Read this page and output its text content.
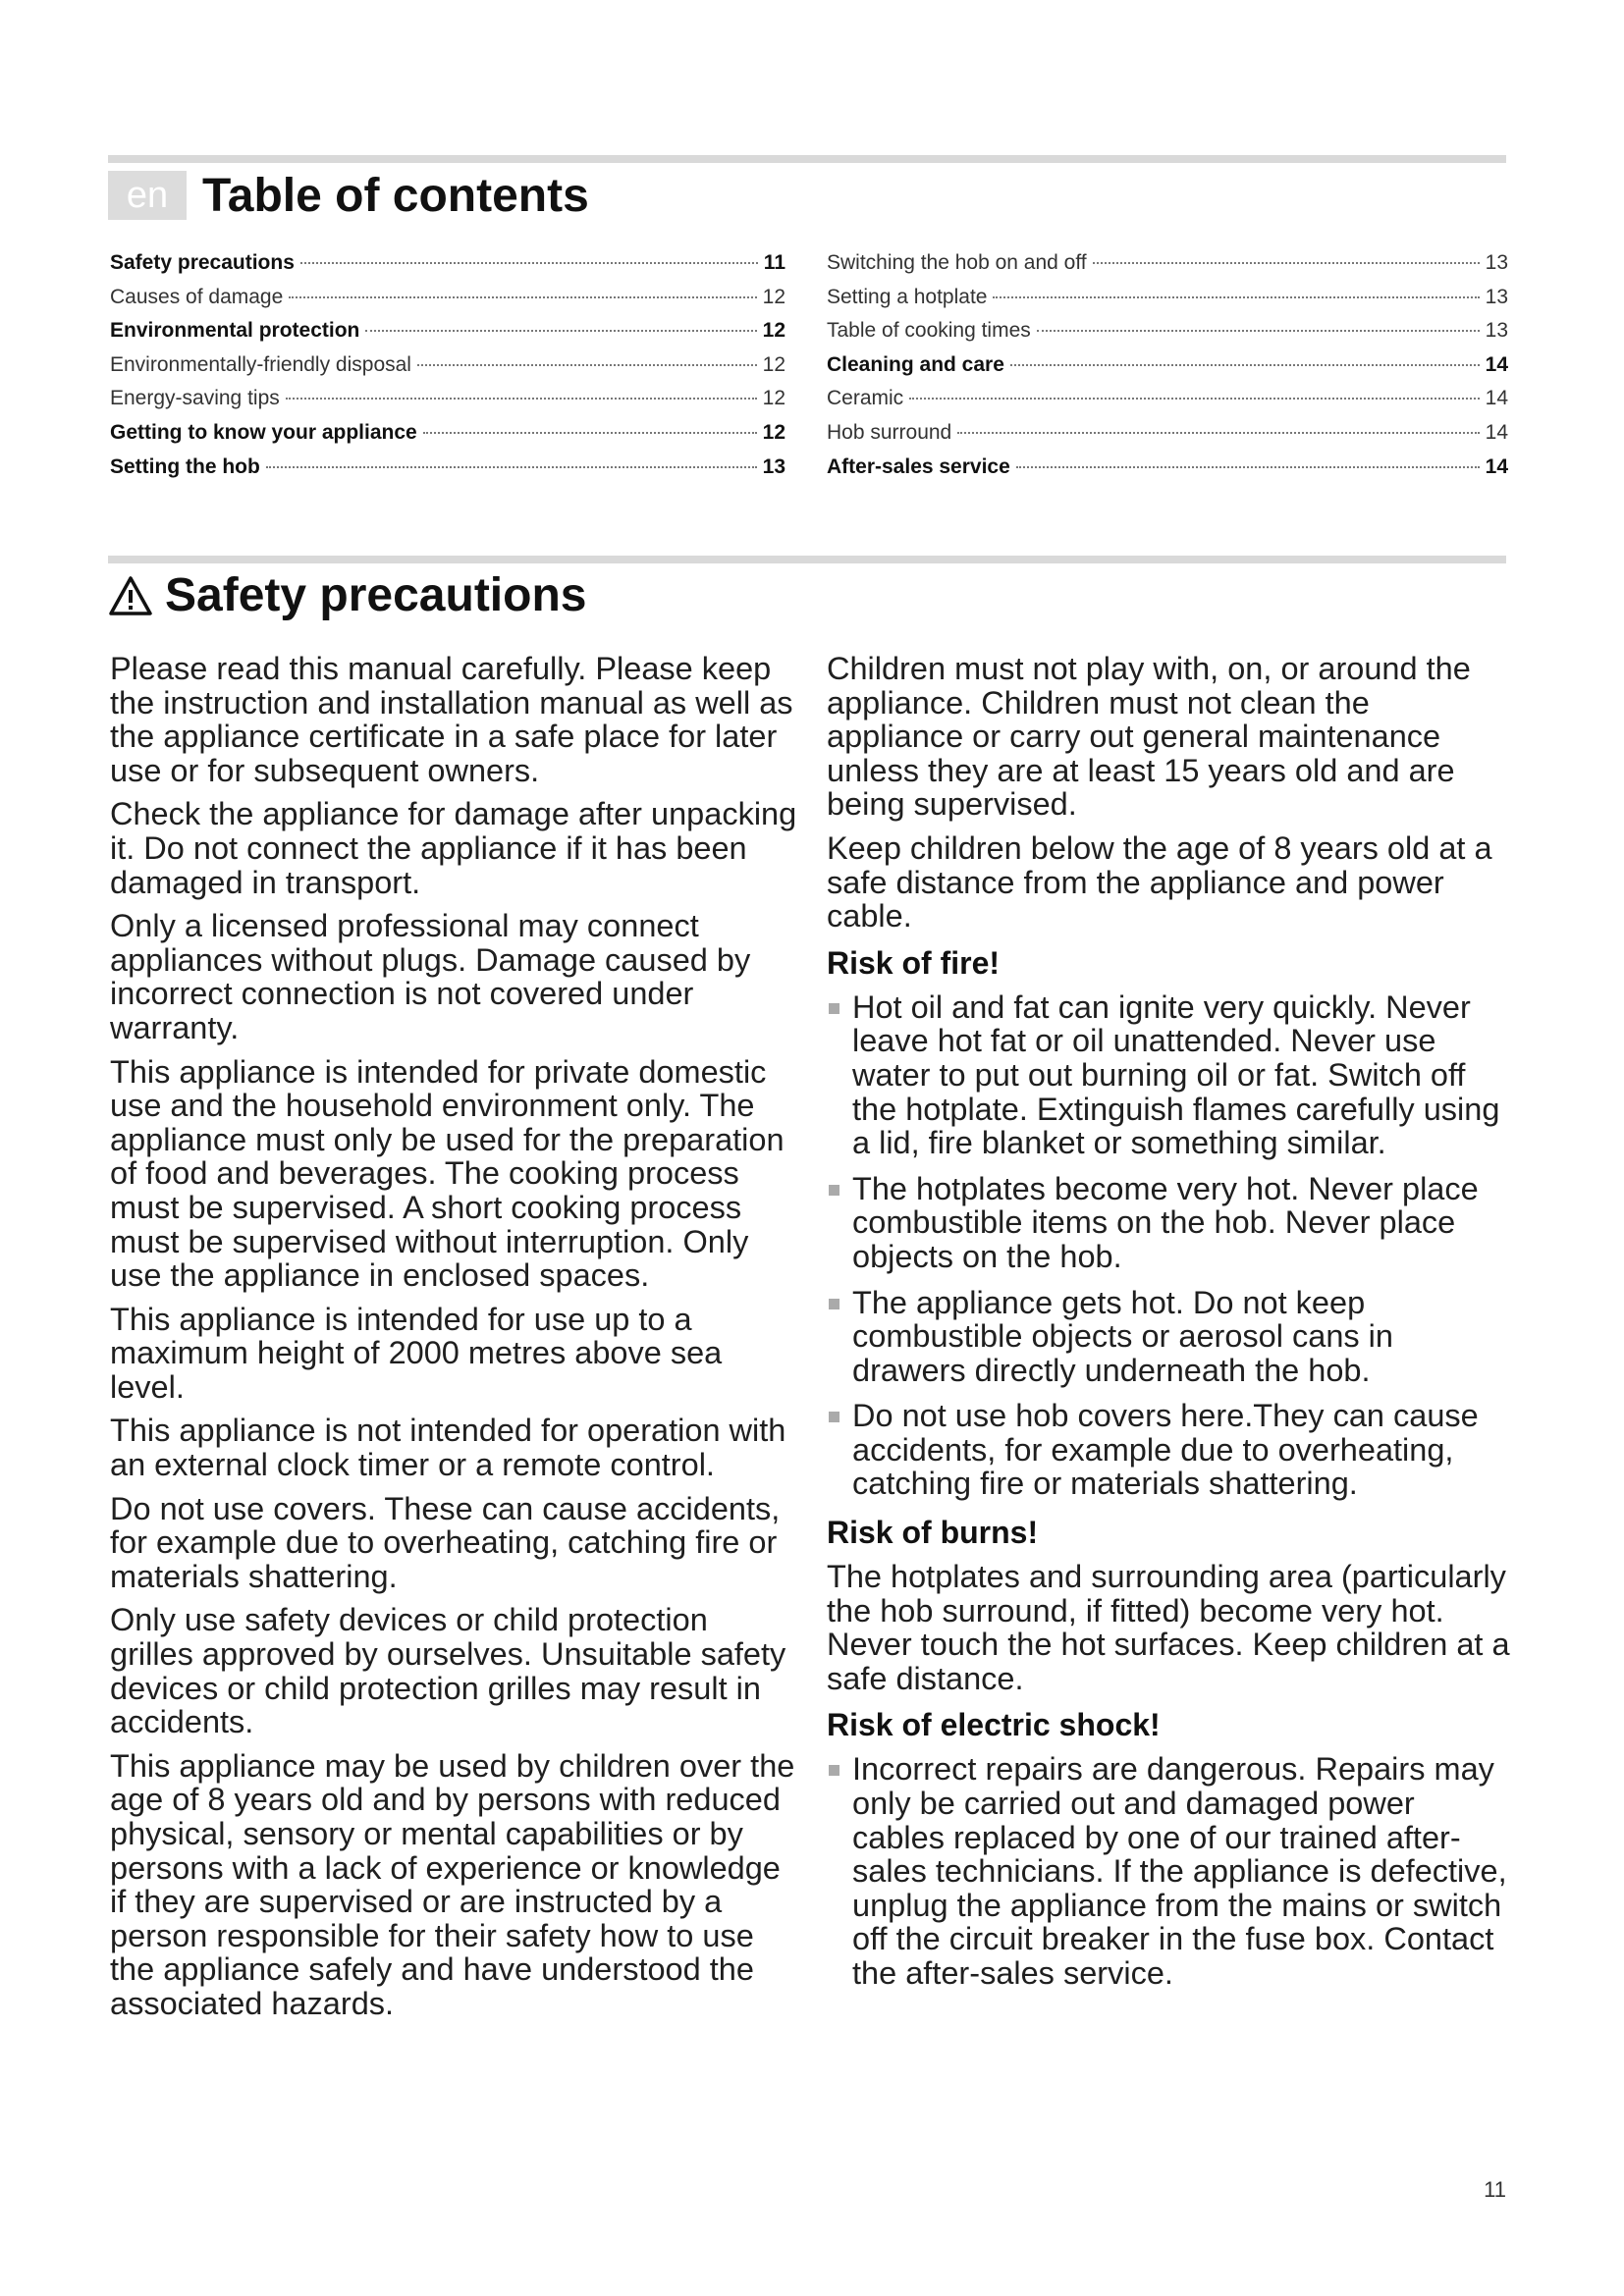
en Table of contents
Safety precautions	11
Causes of damage	12
Environmental protection	12
Environmentally-friendly disposal	12
Energy-saving tips	12
Getting to know your appliance	12
Setting the hob	13
Switching the hob on and off	13
Setting a hotplate	13
Table of cooking times	13
Cleaning and care	14
Ceramic	14
Hob surround	14
After-sales service	14
Safety precautions

Please read this manual carefully. Please keep the instruction and installation manual as well as the appliance certificate in a safe place for later use or for subsequent owners.

Check the appliance for damage after unpacking it. Do not connect the appliance if it has been damaged in transport.

Only a licensed professional may connect appliances without plugs. Damage caused by incorrect connection is not covered under warranty.

This appliance is intended for private domestic use and the household environment only. The appliance must only be used for the preparation of food and beverages. The cooking process must be supervised. A short cooking process must be supervised without interruption. Only use the appliance in enclosed spaces.

This appliance is intended for use up to a maximum height of 2000 metres above sea level.

This appliance is not intended for operation with an external clock timer or a remote control.

Do not use covers. These can cause accidents, for example due to overheating, catching fire or materials shattering.

Only use safety devices or child protection grilles approved by ourselves. Unsuitable safety devices or child protection grilles may result in accidents.

This appliance may be used by children over the age of 8 years old and by persons with reduced physical, sensory or mental capabilities or by persons with a lack of experience or knowledge if they are supervised or are instructed by a person responsible for their safety how to use the appliance safely and have understood the associated hazards.

Children must not play with, on, or around the appliance. Children must not clean the appliance or carry out general maintenance unless they are at least 15 years old and are being supervised.

Keep children below the age of 8 years old at a safe distance from the appliance and power cable.

Risk of fire!
Hot oil and fat can ignite very quickly. Never leave hot fat or oil unattended. Never use water to put out burning oil or fat. Switch off the hotplate. Extinguish flames carefully using a lid, fire blanket or something similar.
The hotplates become very hot. Never place combustible items on the hob. Never place objects on the hob.
The appliance gets hot. Do not keep combustible objects or aerosol cans in drawers directly underneath the hob.
Do not use hob covers here.They can cause accidents, for example due to overheating, catching fire or materials shattering.
Risk of burns!

The hotplates and surrounding area (particularly the hob surround, if fitted) become very hot. Never touch the hot surfaces. Keep children at a safe distance.

Risk of electric shock!
Incorrect repairs are dangerous. Repairs may only be carried out and damaged power cables replaced by one of our trained after-sales technicians. If the appliance is defective, unplug the appliance from the mains or switch off the circuit breaker in the fuse box. Contact the after-sales service.
11
